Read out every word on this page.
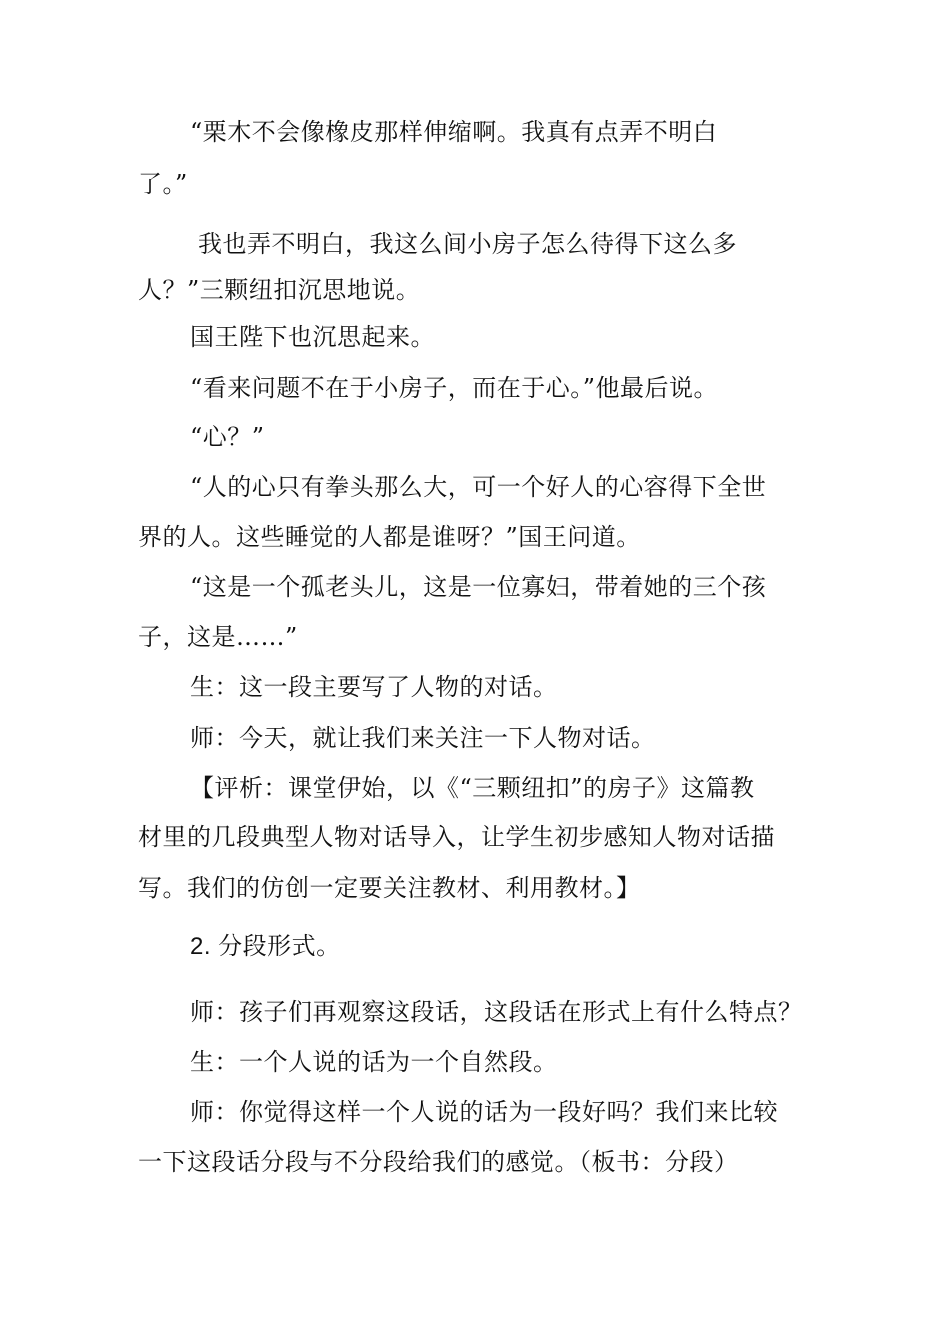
“栗木不会像橡皮那样伸缩啊。我真有点弄不明白
了。”
我也弄不明白，我这么间小房子怎么待得下这么多
人？”三颗纽扣沉思地说。
国王陛下也沉思起来。
“看来问题不在于小房子，而在于心。”他最后说。
“心？”
“人的心只有拳头那么大，可一个好人的心容得下全世
界的人。这些睡觉的人都是谁呀？”国王问道。
“这是一个孤老头儿，这是一位寡妇，带着她的三个孩
子，这是……”
生：这一段主要写了人物的对话。
师：今天，就让我们来关注一下人物对话。
【评析：课堂伊始，以《“三颗纽扣”的房子》这篇教
材里的几段典型人物对话导入，让学生初步感知人物对话描
写。我们的仿创一定要关注教材、利用教材。】
2. 分段形式。
师：孩子们再观察这段话，这段话在形式上有什么特点？
生：一个人说的话为一个自然段。
师：你觉得这样一个人说的话为一段好吗？我们来比较
一下这段话分段与不分段给我们的感觉。（板书：分段）
